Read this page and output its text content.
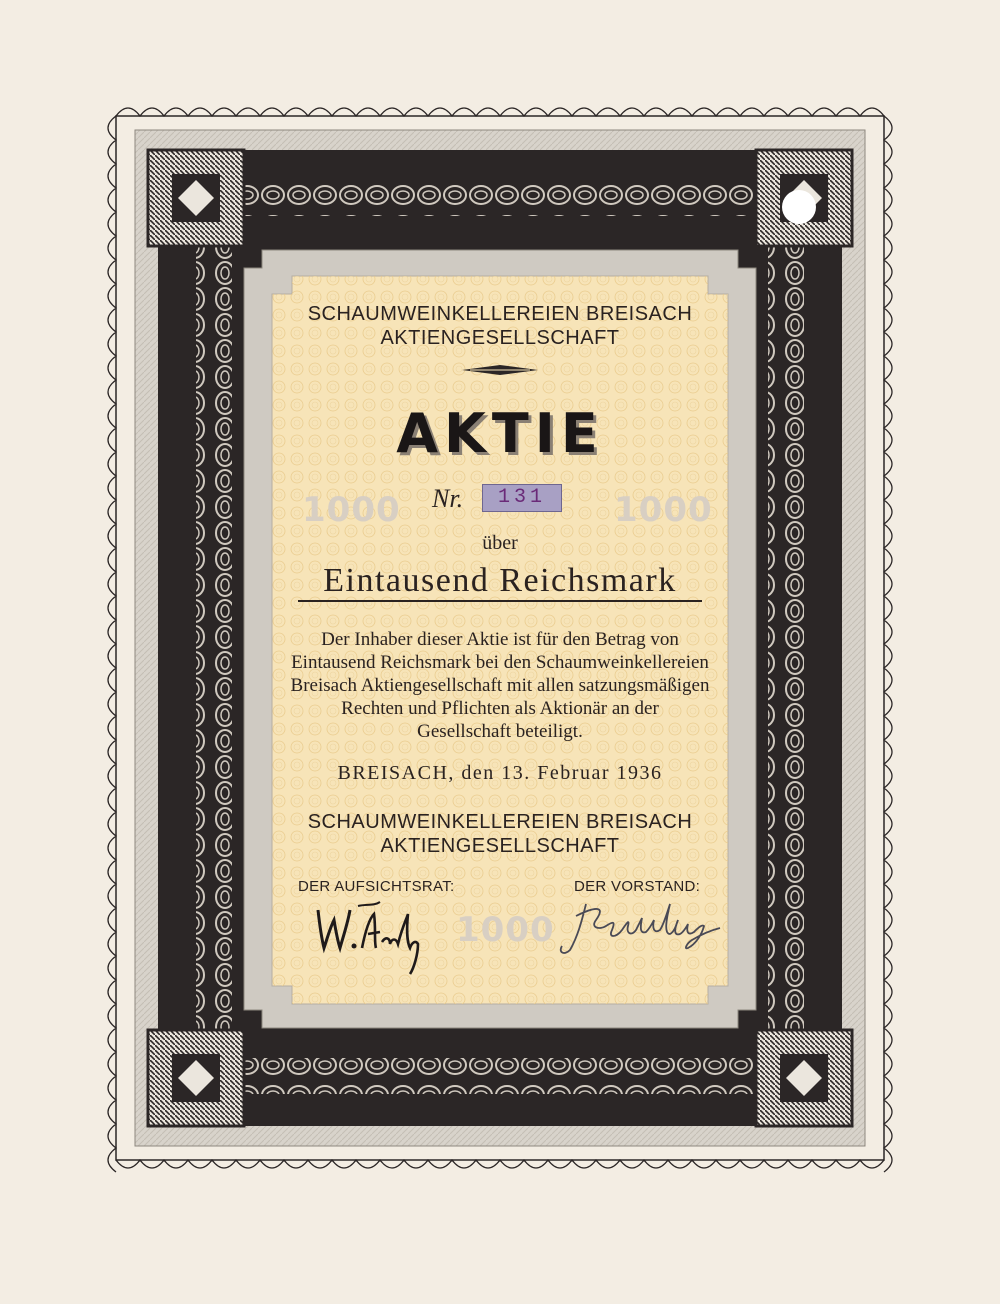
SCHAUMWEINKELLEREIEN BREISACH
AKTIENGESELLSCHAFT
AKTIE
1000	1000
Nr.	131
über
Eintausend Reichsmark
Der Inhaber dieser Aktie ist für den Betrag von
Eintausend Reichsmark bei den Schaumweinkellereien
Breisach Aktiengesellschaft mit allen satzungsmäßigen
Rechten und Pflichten als Aktionär an der
Gesellschaft beteiligt.
BREISACH, den 13. Februar 1936
SCHAUMWEINKELLEREIEN BREISACH
AKTIENGESELLSCHAFT
DER AUFSICHTSRAT:	DER VORSTAND:
1000
